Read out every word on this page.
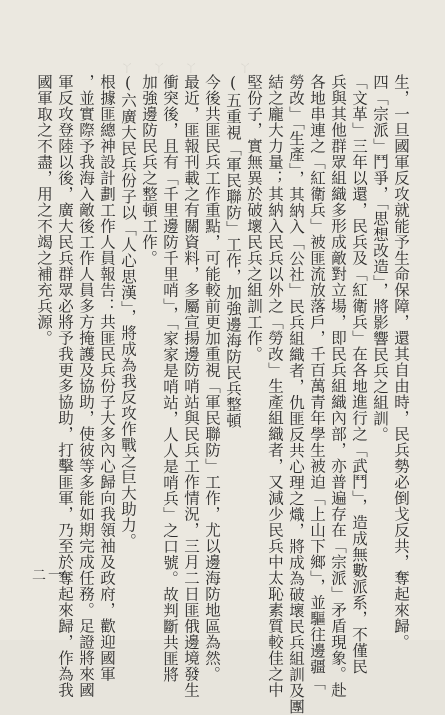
ㄚ ㄚ ㄚ	ㄚ
生，一旦國軍反攻就能予生命保障，還其自由時，民兵勢必倒戈反共，奪起來歸。
四「宗派」鬥爭，「思想改造」，將影響民兵之組訓。
「文革」三年以還，民兵及「紅衛兵」在各地進行之「武鬥」，造成無數派系，不僅民
兵與其他群眾組織多形成敵對立場，即民兵組織內部，亦普遍存在「宗派」矛盾現象。赴
各地串連之「紅衛兵」被匪流放落戶，千百萬青年學生被迫「上山下鄉」，並驅往邊疆「
勞改」「生產」，其納入「公社」民兵組織者，仇匪反共心理之熾，將成為破壞民兵組訓及團
結之龐大力量；其納入民兵以外之「勞改」生產組織者，又減少民兵中太恥素質較佳之中
堅份子，實無異於破壞民兵之組訓工作。
(五重視「軍民聯防」工作，加強邊海防民兵整頓
今後共匪民兵工作重點，可能較前更加重視「軍民聯防」工作，尤以邊海防地區為然。
最近，匪報刊載之有關資料，多屬宣揚邊防哨站與民兵工作情況，三月二日匪俄邊境發生
衝突後，且有「千里邊防千里哨」，「家家是哨站，人人是哨兵」之口號。故判斷共匪將
加強邊防民兵之整頓工作。
(六廣大民兵份子以「人心思漢」，將成為我反攻作戰之巨大助力。
根據匪總神設計劃工作人員報告：共匪民兵份子大多內心歸向我領袖及政府，歡迎國軍
，並實際予我海入敵後工作人員多方掩護及協助，使彼等多能如期完成任務。足證將來國
軍反攻登陸以後，廣大民兵群眾必將予我更多協助，打擊匪軍，乃至於奪起來歸，作為我
國軍取之不盡，用之不竭之補充兵源。
二一
